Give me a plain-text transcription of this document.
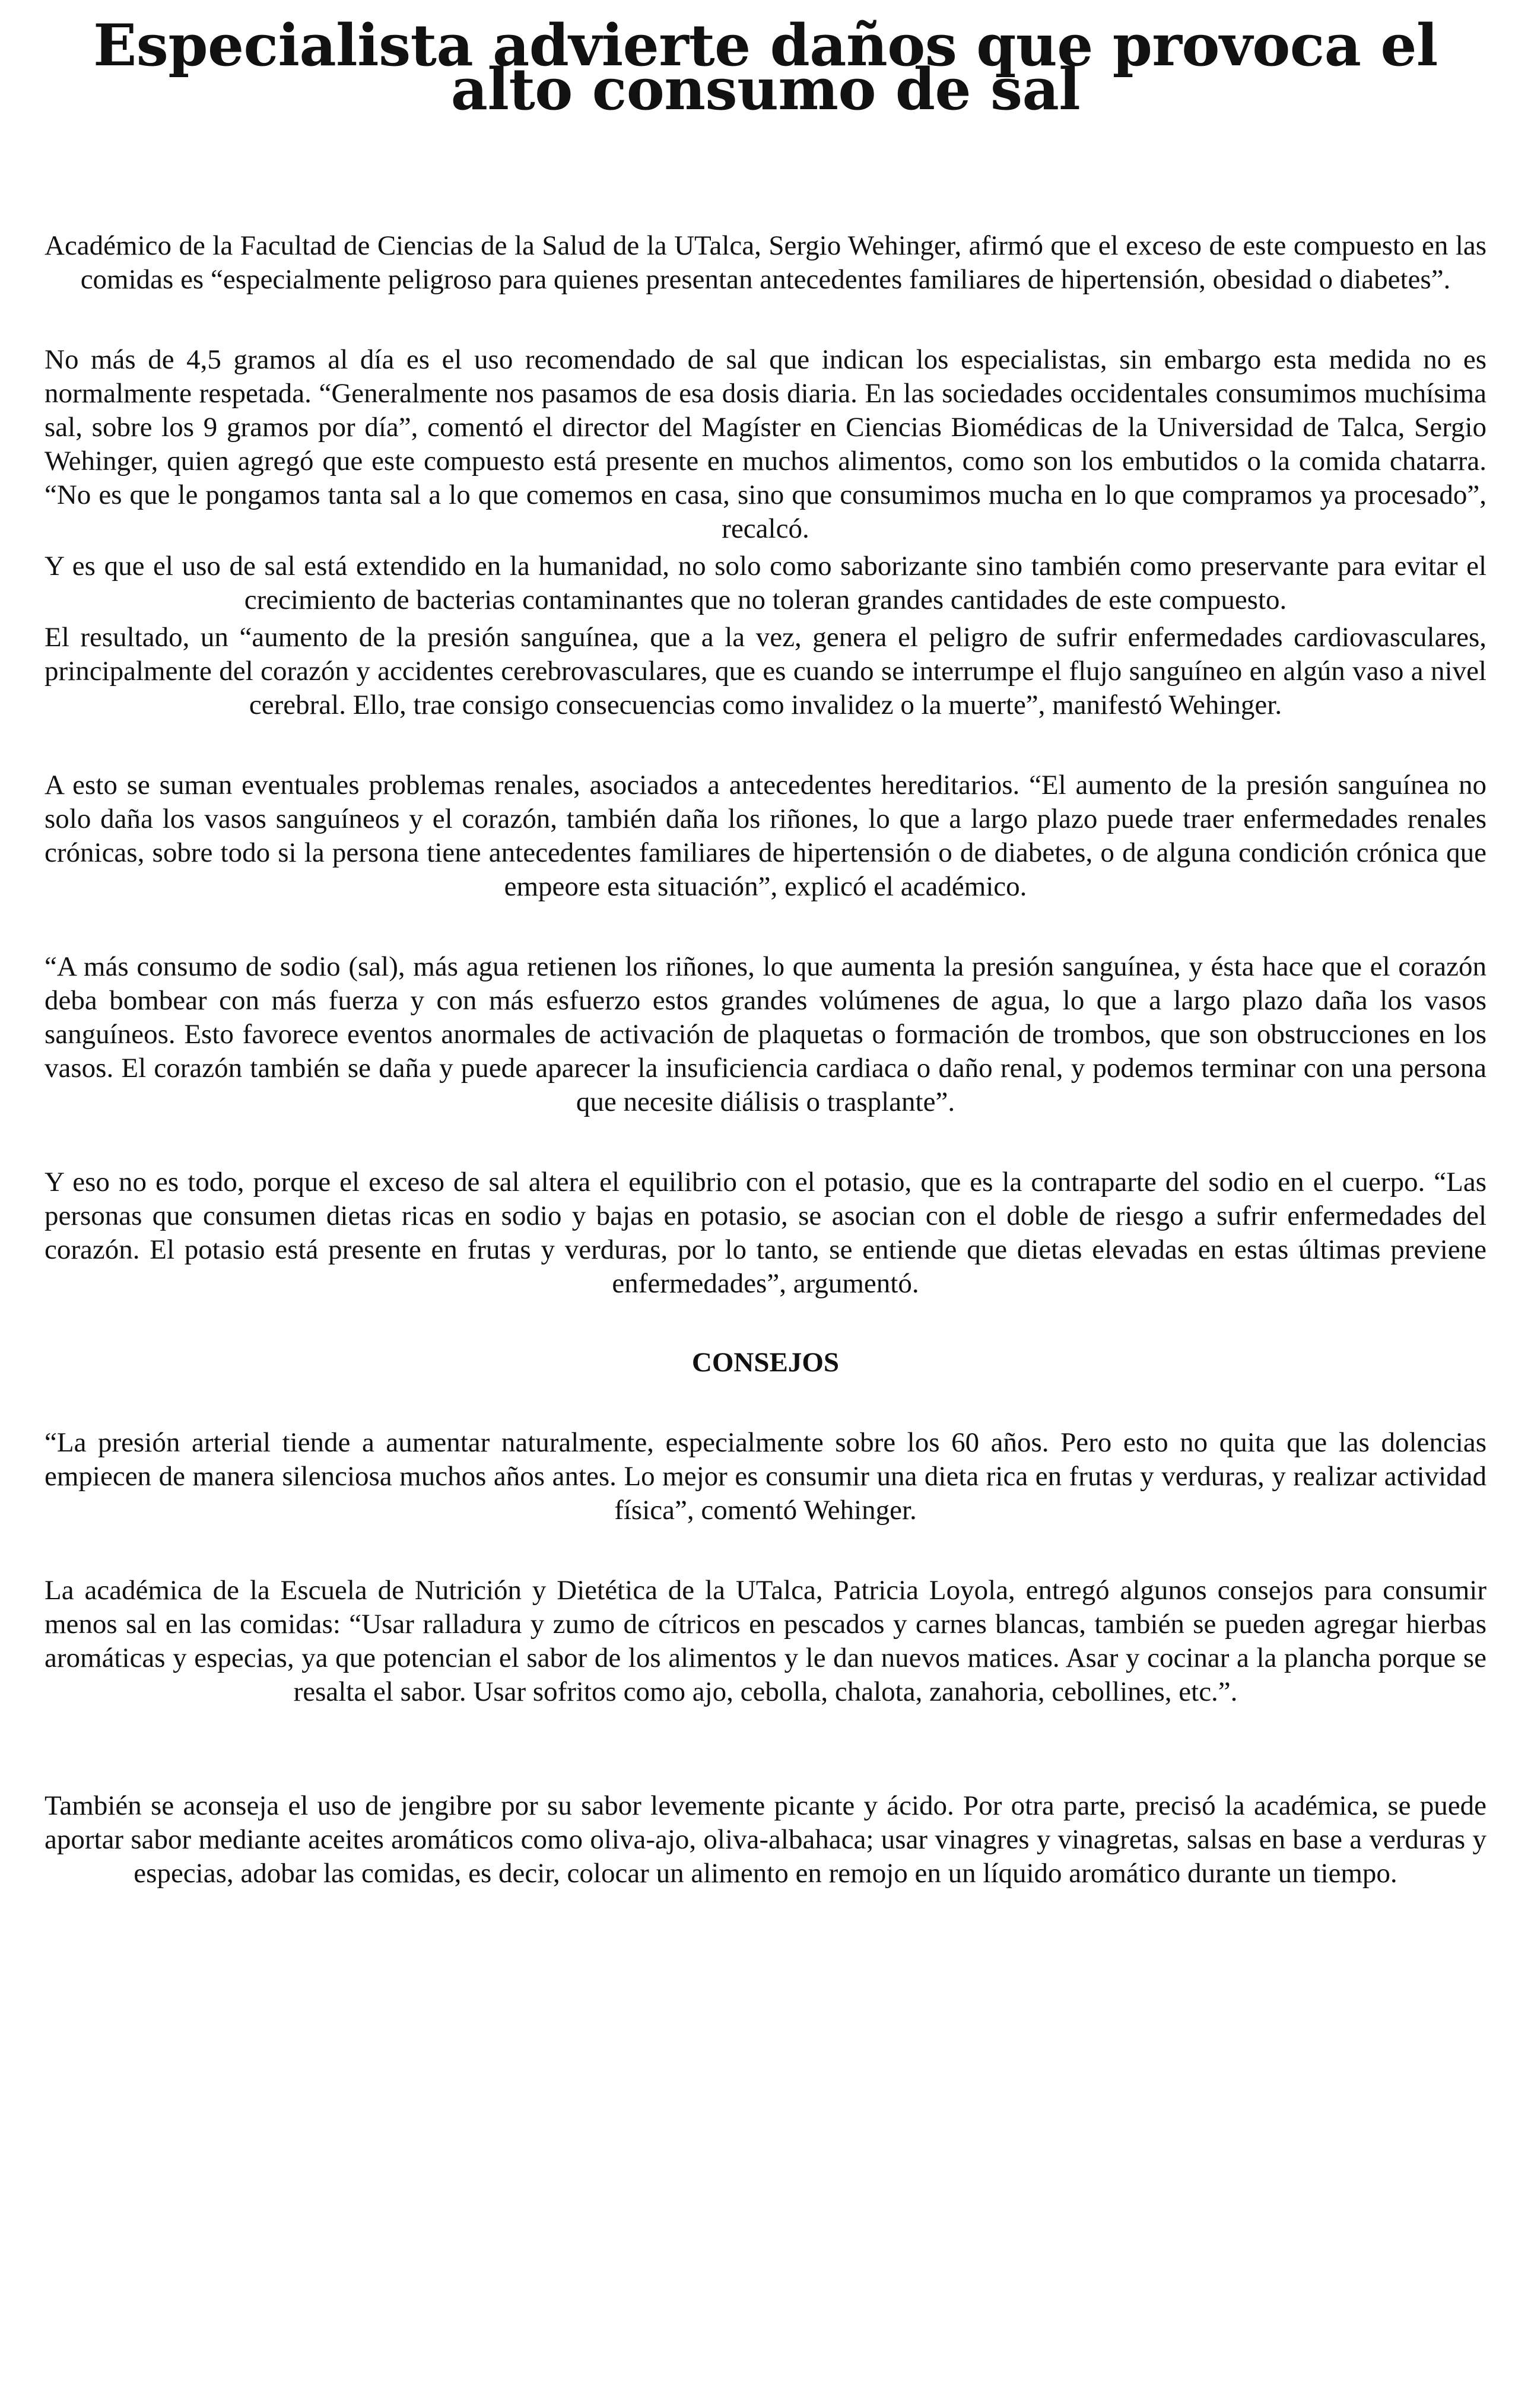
Especialista advierte daños que provoca el alto consumo de sal

Académico de la Facultad de Ciencias de la Salud de la UTalca, Sergio Wehinger, afirmó que el exceso de este compuesto en las comidas es “especialmente peligroso para quienes presentan antecedentes familiares de hipertensión, obesidad o diabetes”.

No más de 4,5 gramos al día es el uso recomendado de sal que indican los especialistas, sin embargo esta medida no es normalmente respetada. “Generalmente nos pasamos de esa dosis diaria. En las sociedades occidentales consumimos muchísima sal, sobre los 9 gramos por día”, comentó el director del Magíster en Ciencias Biomédicas de la Universidad de Talca, Sergio Wehinger, quien agregó que este compuesto está presente en muchos alimentos, como son los embutidos o la comida chatarra. “No es que le pongamos tanta sal a lo que comemos en casa, sino que consumimos mucha en lo que compramos ya procesado”, recalcó.

Y es que el uso de sal está extendido en la humanidad, no solo como saborizante sino también como preservante para evitar el crecimiento de bacterias contaminantes que no toleran grandes cantidades de este compuesto.

El resultado, un “aumento de la presión sanguínea, que a la vez, genera el peligro de sufrir enfermedades cardiovasculares, principalmente del corazón y accidentes cerebrovasculares, que es cuando se interrumpe el flujo sanguíneo en algún vaso a nivel cerebral. Ello, trae consigo consecuencias como invalidez o la muerte”, manifestó Wehinger.

A esto se suman eventuales problemas renales, asociados a antecedentes hereditarios. “El aumento de la presión sanguínea no solo daña los vasos sanguíneos y el corazón, también daña los riñones, lo que a largo plazo puede traer enfermedades renales crónicas, sobre todo si la persona tiene antecedentes familiares de hipertensión o de diabetes, o de alguna condición crónica que empeore esta situación”, explicó el académico.

“A más consumo de sodio (sal), más agua retienen los riñones, lo que aumenta la presión sanguínea, y ésta hace que el corazón deba bombear con más fuerza y con más esfuerzo estos grandes volúmenes de agua, lo que a largo plazo daña los vasos sanguíneos. Esto favorece eventos anormales de activación de plaquetas o formación de trombos, que son obstrucciones en los vasos. El corazón también se daña y puede aparecer la insuficiencia cardiaca o daño renal, y podemos terminar con una persona que necesite diálisis o trasplante”.

Y eso no es todo, porque el exceso de sal altera el equilibrio con el potasio, que es la contraparte del sodio en el cuerpo. “Las personas que consumen dietas ricas en sodio y bajas en potasio, se asocian con el doble de riesgo a sufrir enfermedades del corazón. El potasio está presente en frutas y verduras, por lo tanto, se entiende que dietas elevadas en estas últimas previene enfermedades”, argumentó.

CONSEJOS

“La presión arterial tiende a aumentar naturalmente, especialmente sobre los 60 años. Pero esto no quita que las dolencias empiecen de manera silenciosa muchos años antes. Lo mejor es consumir una dieta rica en frutas y verduras, y realizar actividad física”, comentó Wehinger.

La académica de la Escuela de Nutrición y Dietética de la UTalca, Patricia Loyola, entregó algunos consejos para consumir menos sal en las comidas: “Usar ralladura y zumo de cítricos en pescados y carnes blancas, también se pueden agregar hierbas aromáticas y especias, ya que potencian el sabor de los alimentos y le dan nuevos matices. Asar y cocinar a la plancha porque se resalta el sabor. Usar sofritos como ajo, cebolla, chalota, zanahoria, cebollines, etc.”.

También se aconseja el uso de jengibre por su sabor levemente picante y ácido. Por otra parte, precisó la académica, se puede aportar sabor mediante aceites aromáticos como oliva-ajo, oliva-albahaca; usar vinagres y vinagretas, salsas en base a verduras y especias, adobar las comidas, es decir, colocar un alimento en remojo en un líquido aromático durante un tiempo.
